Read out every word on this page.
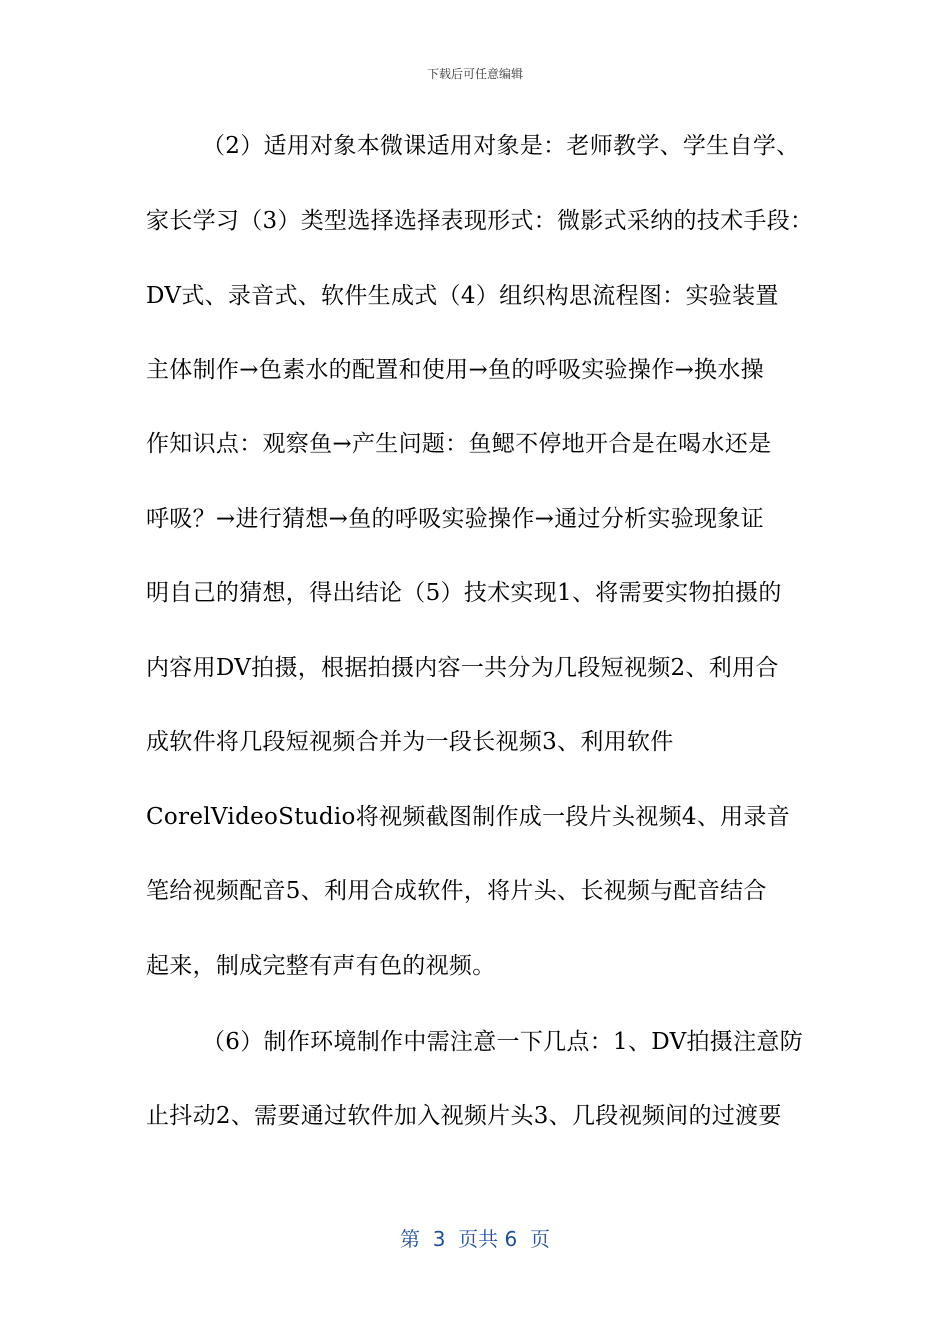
下载后可任意编辑
（2）适用对象本微课适用对象是：老师教学、学生自学、
家长学习（3）类型选择选择表现形式：微影式采纳的技术手段：
DV式、录音式、软件生成式（4）组织构思流程图：实验装置
主体制作→色素水的配置和使用→鱼的呼吸实验操作→换水操
作知识点：观察鱼→产生问题：鱼鳃不停地开合是在喝水还是
呼吸？→进行猜想→鱼的呼吸实验操作→通过分析实验现象证
明自己的猜想，得出结论（5）技术实现1、将需要实物拍摄的
内容用DV拍摄，根据拍摄内容一共分为几段短视频2、利用合
成软件将几段短视频合并为一段长视频3、利用软件
CorelVideoStudio将视频截图制作成一段片头视频4、用录音
笔给视频配音5、利用合成软件，将片头、长视频与配音结合
起来，制成完整有声有色的视频。
（6）制作环境制作中需注意一下几点：1、DV拍摄注意防
止抖动2、需要通过软件加入视频片头3、几段视频间的过渡要
第  3  页共 6  页
